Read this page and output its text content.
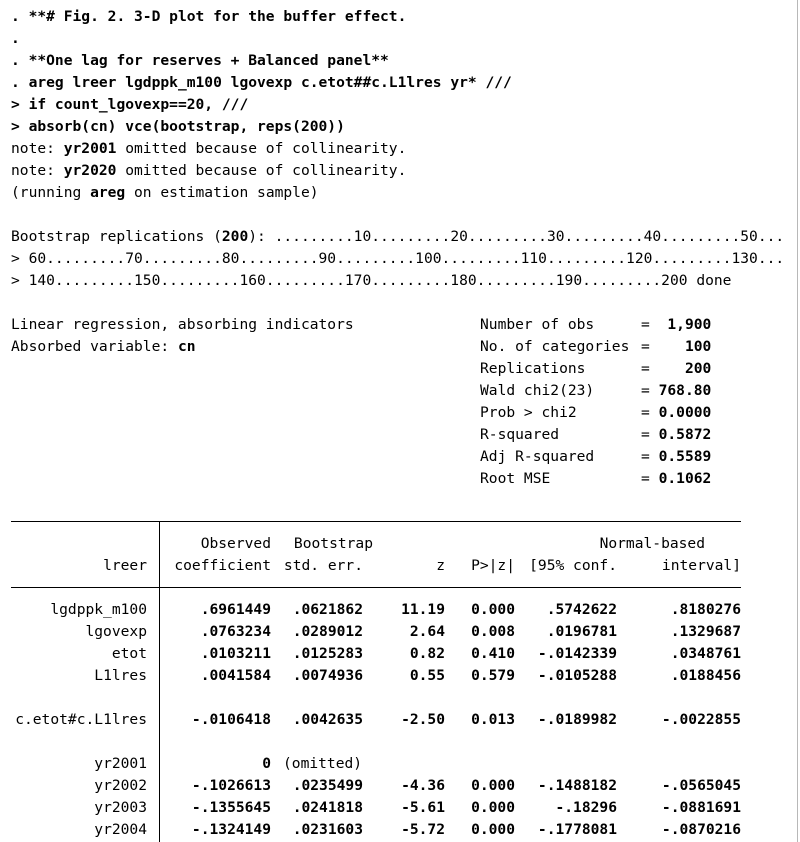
. **# Fig. 2. 3-D plot for the buffer effect.
.
. **One lag for reserves + Balanced panel**
. areg lreer lgdppk_m100 lgovexp c.etot##c.L1lres yr* ///
> if count_lgovexp==20, ///
> absorb(cn) vce(bootstrap, reps(200))
note: yr2001 omitted because of collinearity.
note: yr2020 omitted because of collinearity.
(running areg on estimation sample)
Bootstrap replications (200): .........10.........20.........30.........40.........50...
> 60.........70.........80.........90.........100.........110.........120.........130...
> 140.........150.........160.........170.........180.........190.........200 done

Linear regression, absorbing indicators

	Number of obs

	= 1,900

Absorbed variable: cn

	No. of categories

= 100

Replications

	= 200

Wald chi2(23)

	= 768.80

Prob > chi2

	= 0.0000

R-squared

	= 0.5872

Adj R-squared

	= 0.5589

Root MSE

	= 0.1062

Observed Bootstrap	Normal-based
lreer coefficient std. err.	z P>|z| [95% conf.	interval]
lgdppk_m100	.6961449 .0621862	11.19 0.000 .5742622	.8180276
lgovexp	.0763234 .0289012	2.64 0.008 .0196781	.1329687
etot	.0103211 .0125283	0.82 0.410 -.0142339	.0348761
L1lres	.0041584 .0074936	0.55 0.579 -.0105288	.0188456
c.etot#c.L1lres	-.0106418 .0042635	-2.50 0.013 -.0189982	-.0022855
yr2001	0 (omitted)
yr2002	-.1026613 .0235499	-4.36 0.000 -.1488182	-.0565045
yr2003	-.1355645 .0241818	-5.61 0.000	-.18296	-.0881691
yr2004	-.1324149 .0231603	-5.72 0.000 -.1778081	-.0870216
